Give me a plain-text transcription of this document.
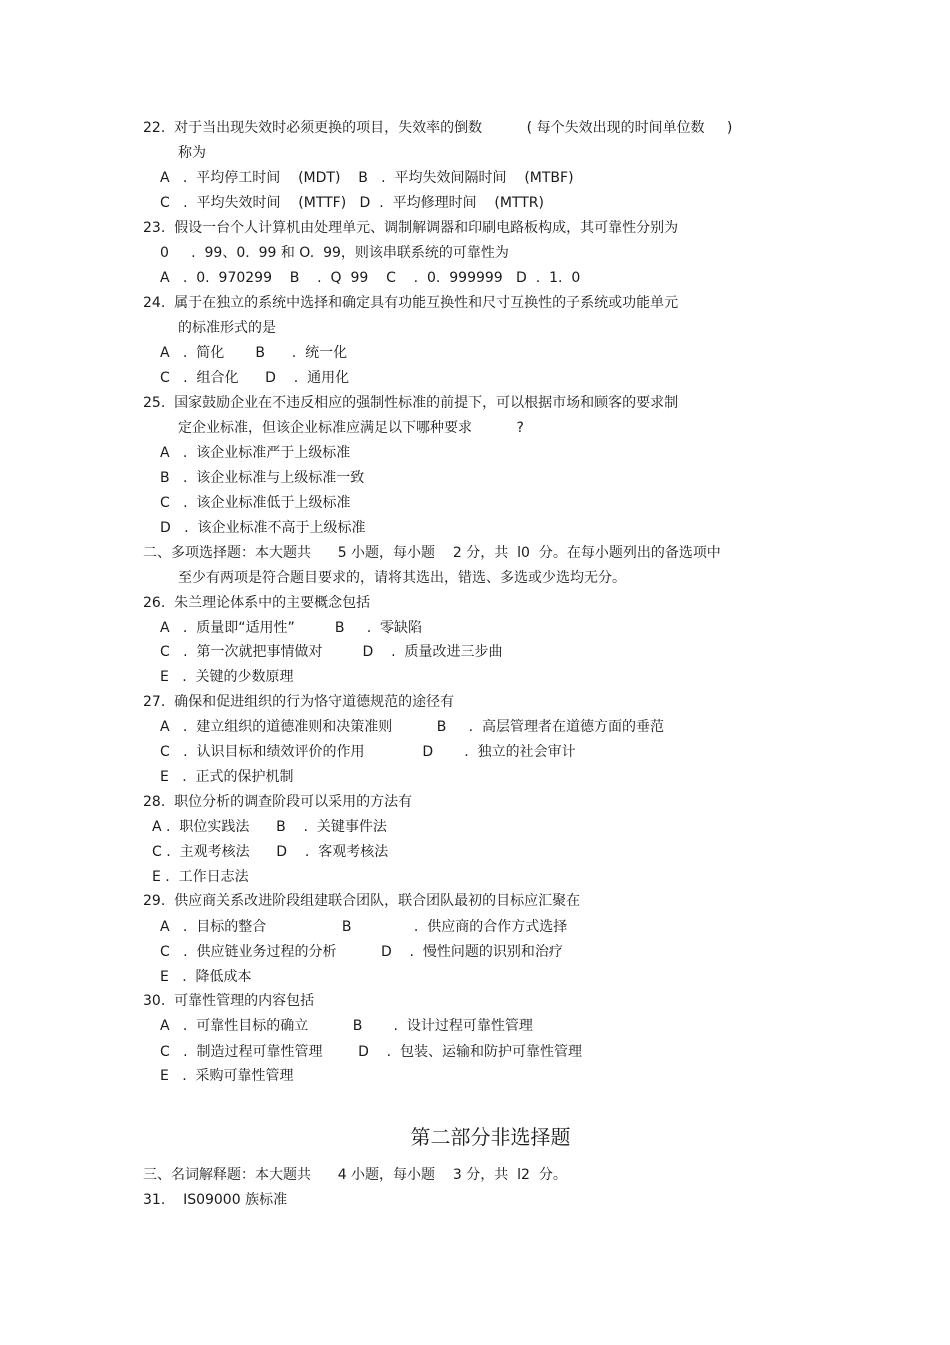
22.  对于当出现失效时必须更换的项目，失效率的倒数          ( 每个失效出现的时间单位数     )
称为
A   .  平均停工时间    (MDT)    B   .  平均失效间隔时间    (MTBF)
C   .  平均失效时间    (MTTF)   D  .  平均修理时间    (MTTR)
23.  假设一台个人计算机由处理单元、调制解调器和印刷电路板构成，其可靠性分别为
0     .  99、0.  99 和 O.  99，则该串联系统的可靠性为
A   .  0.  970299    B    .  Q  99    C    .  0.  999999   D  .  1.  0
24.  属于在独立的系统中选择和确定具有功能互换性和尺寸互换性的子系统或功能单元
的标准形式的是
A   .  简化       B      .  统一化
C   .  组合化      D    .  通用化
25.  国家鼓励企业在不违反相应的强制性标准的前提下，可以根据市场和顾客的要求制
定企业标准，但该企业标准应满足以下哪种要求          ?
A   .  该企业标准严于上级标准
B   .  该企业标准与上级标准一致
C   .  该企业标准低于上级标准
D   .  该企业标准不高于上级标准
二、多项选择题：本大题共      5 小题，每小题    2 分，共  l0  分。在每小题列出的备选项中
至少有两项是符合题目要求的，请将其选出，错选、多选或少选均无分。
26.  朱兰理论体系中的主要概念包括
A   .  质量即“适用性”         B     .  零缺陷
C   .  第一次就把事情做对         D    .  质量改进三步曲
E   .  关键的少数原理
27.  确保和促进组织的行为恪守道德规范的途径有
A   .  建立组织的道德准则和决策准则          B     .  高层管理者在道德方面的垂范
C   .  认识目标和绩效评价的作用             D       .  独立的社会审计
E   .  正式的保护机制
28.  职位分析的调查阶段可以采用的方法有
A .  职位实践法      B    .  关键事件法
C .  主观考核法      D    .  客观考核法
E .  工作日志法
29.  供应商关系改进阶段组建联合团队，联合团队最初的目标应汇聚在
A   .  目标的整合                 B              .  供应商的合作方式选择
C   .  供应链业务过程的分析          D    .  慢性问题的识别和治疗
E   .  降低成本
30.  可靠性管理的内容包括
A   .  可靠性目标的确立          B       .  设计过程可靠性管理
C   .  制造过程可靠性管理        D    .  包装、运输和防护可靠性管理
E   .  采购可靠性管理
第二部分非选择题
三、名词解释题：本大题共      4 小题，每小题    3 分，共  l2  分。
31.    IS09000 族标准
